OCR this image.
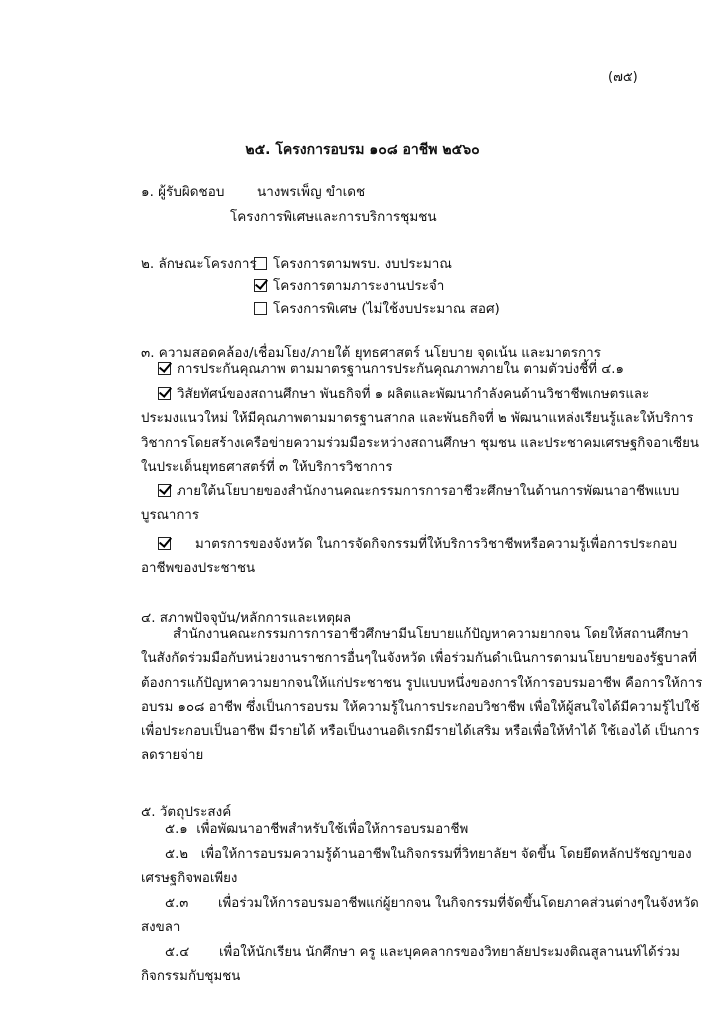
(๗๕)
๒๕. โครงการอบรม ๑๐๘ อาชีพ ๒๕๖๐
๑. ผู้รับผิดชอบ นางพรเพ็ญ ขำเดช
โครงการพิเศษและการบริการชุมชน
๒. ลักษณะโครงการ	โครงการตามพรบ. งบประมาณ
โครงการตามภาระงานประจำ
โครงการพิเศษ (ไม่ใช้งบประมาณ สอศ)
๓. ความสอดคล้อง/เชื่อมโยง/ภายใต้ ยุทธศาสตร์ นโยบาย จุดเน้น และมาตรการ
การประกันคุณภาพ ตามมาตรฐานการประกันคุณภาพภายใน ตามตัวบ่งชี้ที่ ๔.๑
วิสัยทัศน์ของสถานศึกษา พันธกิจที่ ๑ ผลิตและพัฒนากำลังคนด้านวิชาชีพเกษตรและ
ประมงแนวใหม่ ให้มีคุณภาพตามมาตรฐานสากล และพันธกิจที่ ๒ พัฒนาแหล่งเรียนรู้และให้บริการ
วิชาการโดยสร้างเครือข่ายความร่วมมือระหว่างสถานศึกษา ชุมชน และประชาคมเศรษฐกิจอาเซียน
ในประเด็นยุทธศาสตร์ที่ ๓ ให้บริการวิชาการ
ภายใต้นโยบายของสำนักงานคณะกรรมการการอาชีวะศึกษาในด้านการพัฒนาอาชีพแบบ
บูรณาการ
มาตรการของจังหวัด ในการจัดกิจกรรมที่ให้บริการวิชาชีพหรือความรู้เพื่อการประกอบ
อาชีพของประชาชน
๔. สภาพปัจจุบัน/หลักการและเหตุผล
สำนักงานคณะกรรมการการอาชีวศึกษามีนโยบายแก้ปัญหาความยากจน โดยให้สถานศึกษา
ในสังกัดร่วมมือกับหน่วยงานราชการอื่นๆในจังหวัด เพื่อร่วมกันดำเนินการตามนโยบายของรัฐบาลที่
ต้องการแก้ปัญหาความยากจนให้แก่ประชาชน รูปแบบหนึ่งของการให้การอบรมอาชีพ คือการให้การ
อบรม ๑๐๘ อาชีพ ซึ่งเป็นการอบรม ให้ความรู้ในการประกอบวิชาชีพ เพื่อให้ผู้สนใจได้มีความรู้ไปใช้
เพื่อประกอบเป็นอาชีพ มีรายได้ หรือเป็นงานอดิเรกมีรายได้เสริม หรือเพื่อให้ทำได้ ใช้เองได้ เป็นการ
ลดรายจ่าย
๕. วัตถุประสงค์
๕.๑ เพื่อพัฒนาอาชีพสำหรับใช้เพื่อให้การอบรมอาชีพ
๕.๒ เพื่อให้การอบรมความรู้ด้านอาชีพในกิจกรรมที่วิทยาลัยฯ จัดขึ้น โดยยึดหลักปรัชญาของ
เศรษฐกิจพอเพียง
๕.๓ เพื่อร่วมให้การอบรมอาชีพแก่ผู้ยากจน ในกิจกรรมที่จัดขึ้นโดยภาคส่วนต่างๆในจังหวัด
สงขลา
๕.๔ เพื่อให้นักเรียน นักศึกษา ครู และบุคคลากรของวิทยาลัยประมงติณสูลานนท์ได้ร่วม
กิจกรรมกับชุมชน
